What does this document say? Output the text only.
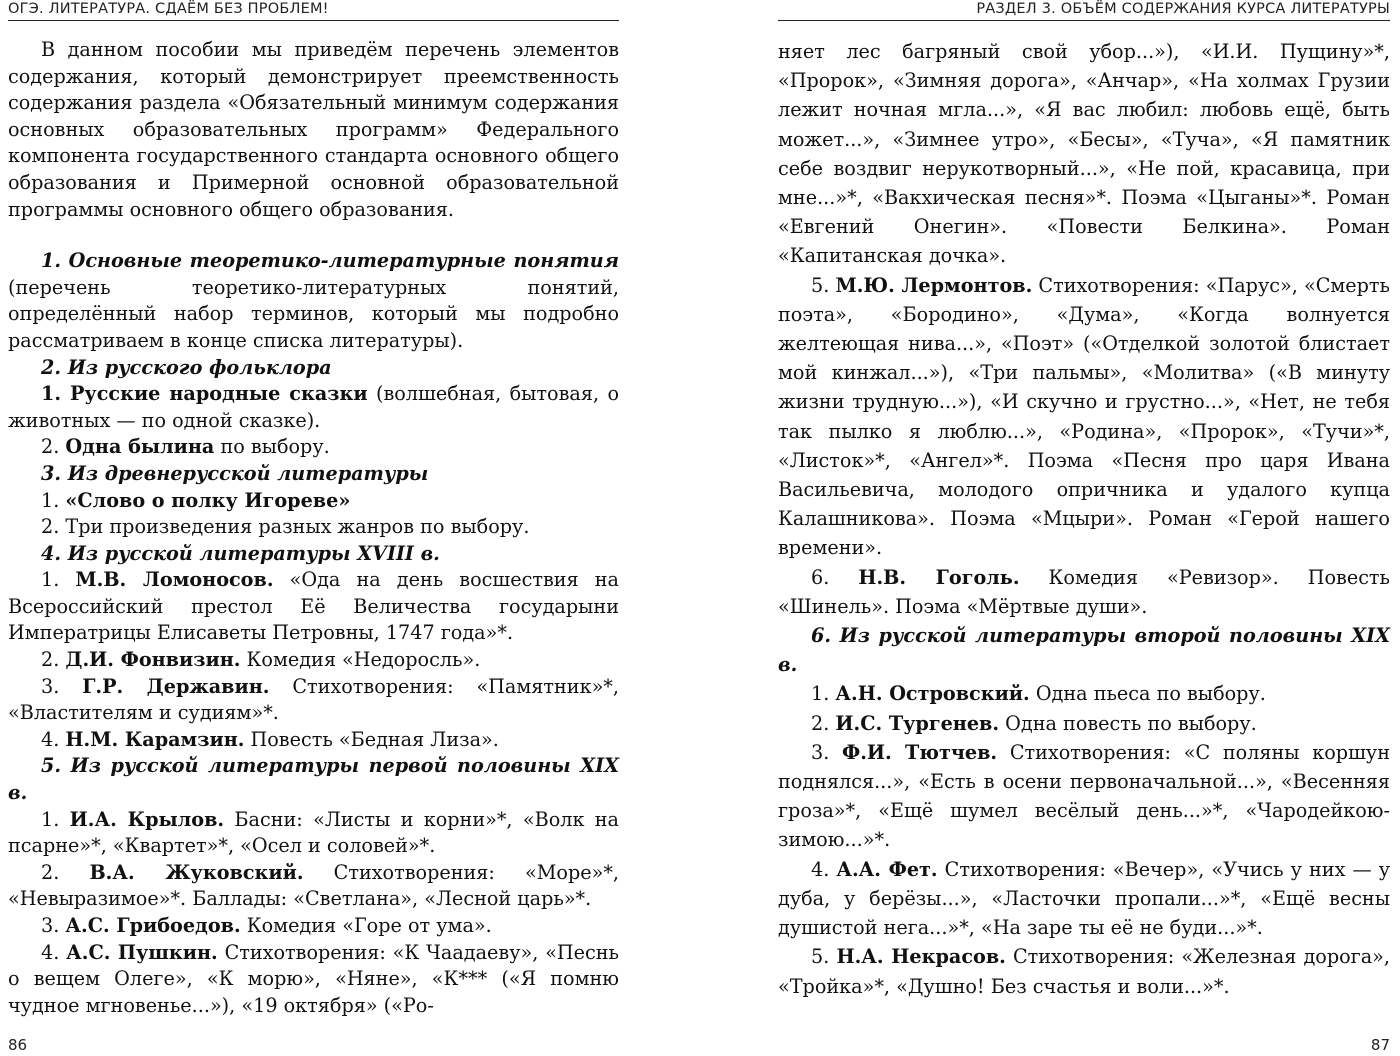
ОГЭ. ЛИТЕРАТУРА. СДАЁМ БЕЗ ПРОБЛЕМ!

В данном пособии мы приведём перечень элементов содержания, который демонстрирует преемственность содержания раздела «Обязательный минимум содержания основных образовательных программ» Федерального компонента государственного стандарта основного общего образования и Примерной основной образовательной программы основного общего образования.

1. Основные теоретико-литературные понятия (перечень теоретико-литературных понятий, определённый набор терминов, который мы подробно рассматриваем в конце списка литературы).

2. Из русского фольклора

1. Русские народные сказки (волшебная, бытовая, о животных — по одной сказке).

2. Одна былина по выбору.

3. Из древнерусской литературы

1. «Слово о полку Игореве»

2. Три произведения разных жанров по выбору.

4. Из русской литературы XVIII в.

1. М.В. Ломоносов. «Ода на день восшествия на Всероссийский престол Её Величества государыни Императрицы Елисаветы Петровны, 1747 года»*.

2. Д.И. Фонвизин. Комедия «Недоросль».

3. Г.Р. Державин. Стихотворения: «Памятник»*, «Властителям и судиям»*.

4. Н.М. Карамзин. Повесть «Бедная Лиза».

5. Из русской литературы первой половины XIX в.

1. И.А. Крылов. Басни: «Листы и корни»*, «Волк на псарне»*, «Квартет»*, «Осел и соловей»*.

2. В.А. Жуковский. Стихотворения: «Море»*, «Невыразимое»*. Баллады: «Светлана», «Лесной царь»*.

3. А.С. Грибоедов. Комедия «Горе от ума».

4. А.С. Пушкин. Стихотворения: «К Чаадаеву», «Песнь о вещем Олеге», «К морю», «Няне», «К*** («Я помню чудное мгновенье...»), «19 октября» («Ро-

86
РАЗДЕЛ 3. ОБЪЁМ СОДЕРЖАНИЯ КУРСА ЛИТЕРАТУРЫ

няет лес багряный свой убор...»), «И.И. Пущину»*, «Пророк», «Зимняя дорога», «Анчар», «На холмах Грузии лежит ночная мгла...», «Я вас любил: любовь ещё, быть может...», «Зимнее утро», «Бесы», «Туча», «Я памятник себе воздвиг нерукотворный...», «Не пой, красавица, при мне...»*, «Вакхическая песня»*. Поэма «Цыганы»*. Роман «Евгений Онегин». «Повести Белкина». Роман «Капитанская дочка».

5. М.Ю. Лермонтов. Стихотворения: «Парус», «Смерть поэта», «Бородино», «Дума», «Когда волнуется желтеющая нива...», «Поэт» («Отделкой золотой блистает мой кинжал...»), «Три пальмы», «Молитва» («В минуту жизни трудную...»), «И скучно и грустно...», «Нет, не тебя так пылко я люблю...», «Родина», «Пророк», «Тучи»*, «Листок»*, «Ангел»*. Поэма «Песня про царя Ивана Васильевича, молодого опричника и удалого купца Калашникова». Поэма «Мцыри». Роман «Герой нашего времени».

6. Н.В. Гоголь. Комедия «Ревизор». Повесть «Шинель». Поэма «Мёртвые души».

6. Из русской литературы второй половины XIX в.

1. А.Н. Островский. Одна пьеса по выбору.

2. И.С. Тургенев. Одна повесть по выбору.

3. Ф.И. Тютчев. Стихотворения: «С поляны коршун поднялся...», «Есть в осени первоначальной...», «Весенняя гроза»*, «Ещё шумел весёлый день...»*, «Чародейкою-зимою...»*.

4. А.А. Фет. Стихотворения: «Вечер», «Учись у них — у дуба, у берёзы...», «Ласточки пропали...»*, «Ещё весны душистой нега...»*, «На заре ты её не буди...»*.

5. Н.А. Некрасов. Стихотворения: «Железная дорога», «Тройка»*, «Душно! Без счастья и воли...»*.

87
